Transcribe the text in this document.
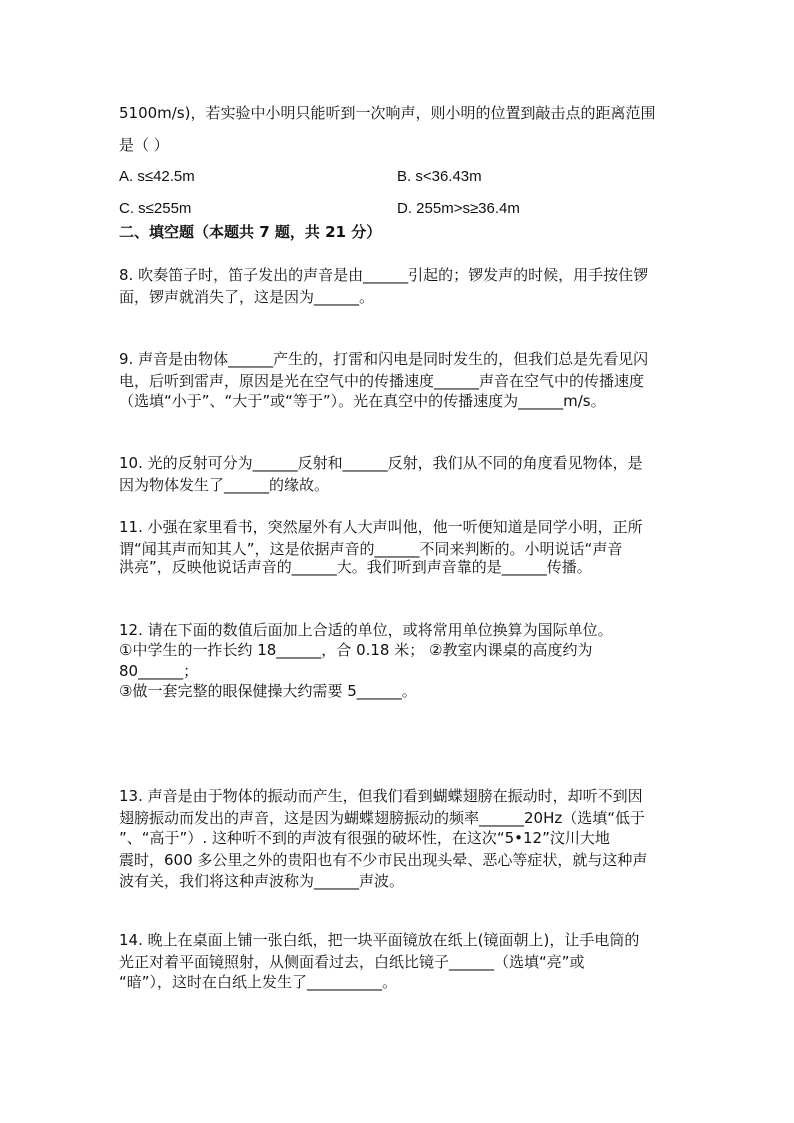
5100m/s)，若实验中小明只能听到一次响声，则小明的位置到敲击点的距离范围

是（ ）

A. s≤42.5m	B. s<36.43m

C. s≤255m	D. 255m>s≥36.4m

二、填空题（本题共 7 题，共 21 分）

8. 吹奏笛子时，笛子发出的声音是由______引起的；锣发声的时候，用手按住锣

面，锣声就消失了，这是因为______。

9. 声音是由物体______产生的，打雷和闪电是同时发生的，但我们总是先看见闪

电，后听到雷声，原因是光在空气中的传播速度______声音在空气中的传播速度

（选填“小于”、“大于”或“等于”）。光在真空中的传播速度为______m/s。

10. 光的反射可分为______反射和______反射，我们从不同的角度看见物体，是

因为物体发生了______的缘故。

11. 小强在家里看书，突然屋外有人大声叫他，他一听便知道是同学小明，正所

谓“闻其声而知其人”，这是依据声音的______不同来判断的。小明说话“声音

洪亮”，反映他说话声音的______大。我们听到声音靠的是______传播。

12. 请在下面的数值后面加上合适的单位，或将常用单位换算为国际单位。

①中学生的一拃长约 18______，合 0.18 米； ②教室内课桌的高度约为

80______；

③做一套完整的眼保健操大约需要 5______。

13. 声音是由于物体的振动而产生，但我们看到蝴蝶翅膀在振动时，却听不到因

翅膀振动而发出的声音，这是因为蝴蝶翅膀振动的频率______20Hz（选填“低于

”、“高于”）. 这种听不到的声波有很强的破坏性，在这次“5•12”汶川大地

震时，600 多公里之外的贵阳也有不少市民出现头晕、恶心等症状，就与这种声

波有关，我们将这种声波称为______声波。

14. 晚上在桌面上铺一张白纸，把一块平面镜放在纸上(镜面朝上)，让手电筒的

光正对着平面镜照射，从侧面看过去，白纸比镜子______（选填“亮”或

“暗”），这时在白纸上发生了__________。
